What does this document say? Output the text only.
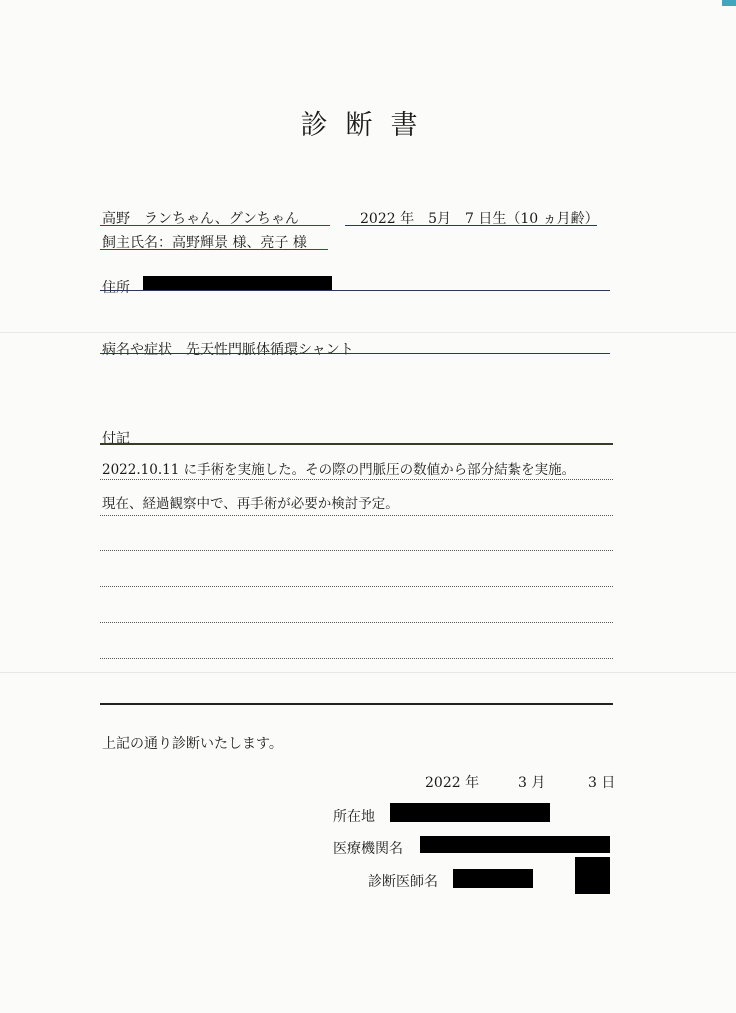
診断書
高野　ランちゃん、グンちゃん	2022 年　5月　7 日生（10 ヵ月齢）
飼主氏名：高野輝景 様、亮子 様
住所
病名や症状　先天性門脈体循環シャント
付記
2022.10.11 に手術を実施した。その際の門脈圧の数値から部分結紮を実施。
現在、経過観察中で、再手術が必要か検討予定。
上記の通り診断いたします。
2022 年	3 月	3 日
所在地
医療機関名
診断医師名
